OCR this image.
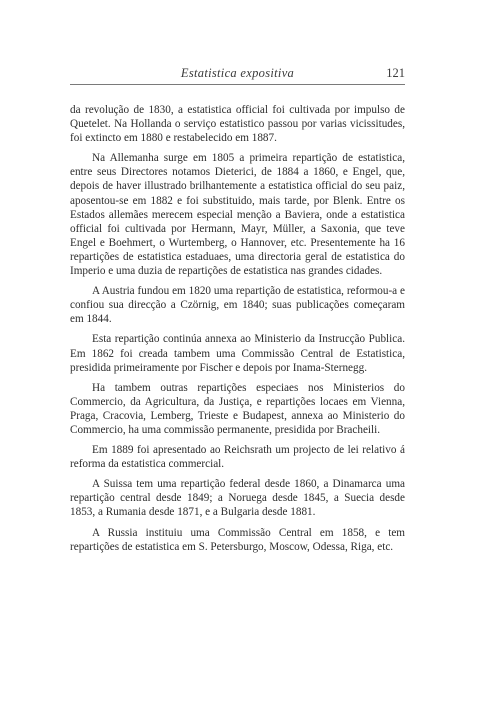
Estatistica expositiva	121

da revolução de 1830, a estatistica official foi cultivada por impulso de Quetelet. Na Hollanda o serviço estatistico passou por varias vicissitudes, foi extincto em 1880 e restabelecido em 1887.

Na Allemanha surge em 1805 a primeira repartição de estatistica, entre seus Directores notamos Dieterici, de 1884 a 1860, e Engel, que, depois de haver illustrado brilhantemente a estatistica official do seu paiz, aposentou-se em 1882 e foi substituido, mais tarde, por Blenk. Entre os Estados allemães merecem especial menção a Baviera, onde a estatistica official foi cultivada por Hermann, Mayr, Müller, a Saxonia, que teve Engel e Boehmert, o Wurtemberg, o Hannover, etc. Presentemente ha 16 repartições de estatistica estaduaes, uma directoria geral de estatistica do Imperio e uma duzia de repartições de estatistica nas grandes cidades.

A Austria fundou em 1820 uma repartição de estatistica, reformou-a e confiou sua direcção a Czörnig, em 1840; suas publicações começaram em 1844.

Esta repartição continúa annexa ao Ministerio da Instrucção Publica. Em 1862 foi creada tambem uma Commissão Central de Estatistica, presidida primeiramente por Fischer e depois por Inama-Sternegg.

Ha tambem outras repartições especiaes nos Ministerios do Commercio, da Agricultura, da Justiça, e repartições locaes em Vienna, Praga, Cracovia, Lemberg, Trieste e Budapest, annexa ao Ministerio do Commercio, ha uma commissão permanente, presidida por Bracheili.

Em 1889 foi apresentado ao Reichsrath um projecto de lei relativo á reforma da estatistica commercial.

A Suissa tem uma repartição federal desde 1860, a Dinamarca uma repartição central desde 1849; a Noruega desde 1845, a Suecia desde 1853, a Rumania desde 1871, e a Bulgaria desde 1881.

A Russia instituiu uma Commissão Central em 1858, e tem repartições de estatistica em S. Petersburgo, Moscow, Odessa, Riga, etc.
